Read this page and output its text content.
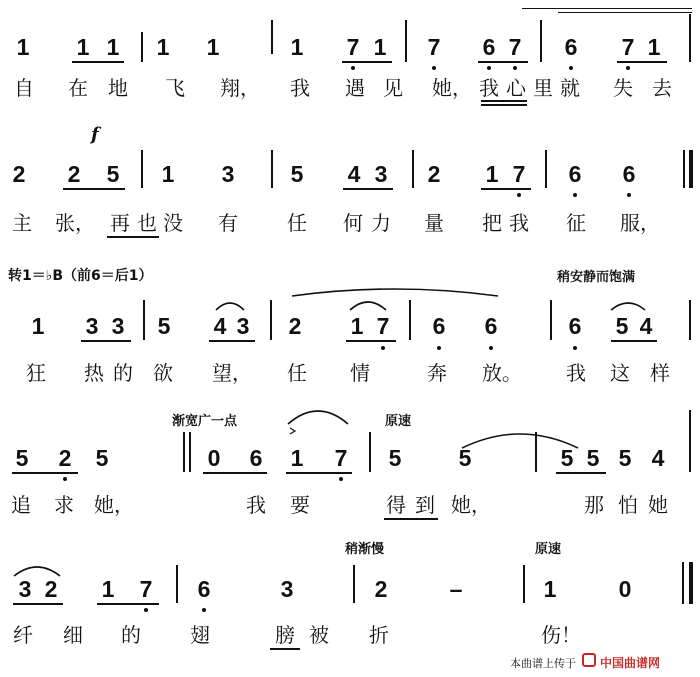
1 1 1 1 1	1 7 1 7 6 7 6 7 1
自 在 地 飞 翔， 我 遇 见 她， 我 心 里 就 失 去
f
2 2 5 1 3 5 4 3 2 1 7 6 6
主 张， 再 也 没 有 任 何 力 量 把 我 征 服，
转1＝♭B（前6＝后1）	稍安静而饱满
1 3 3 5 4 3 2 1 7 6 6	6 5 4
狂 热 的 欲 望， 任 情	奔 放。 我 这 样
渐宽广一点	原速
5 2 5	0 6 1 7 5 5	5 5 5 4
追 求 她，	我 要	得 到 她，	那 怕 她
稍渐慢	原速
3 2 1 7 6	3	2	–	1	0
纤 细 的 翅	膀 被 折	伤！
本曲谱上传于 中国曲谱网
